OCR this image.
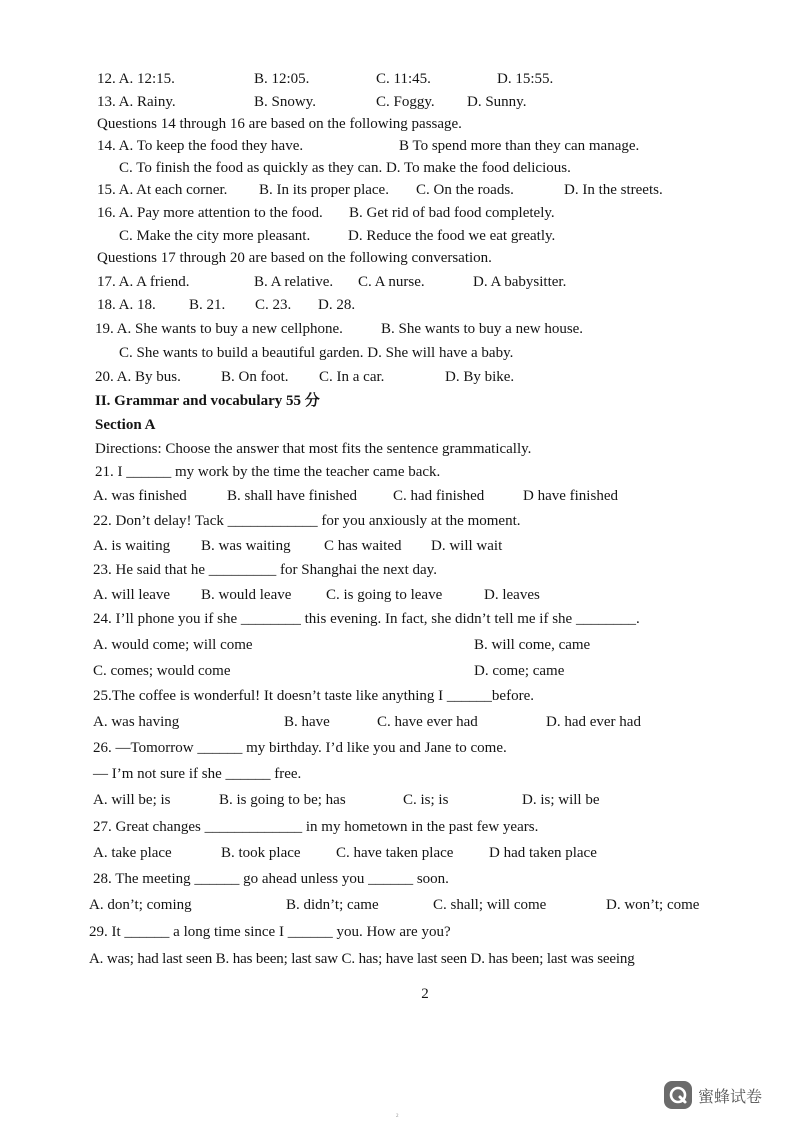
12. A. 12:15.	B. 12:05.	C. 11:45.	D. 15:55.
13. A. Rainy.	B. Snowy.	C. Foggy. D. Sunny.
Questions 14 through 16 are based on the following passage.
14. A. To keep the food they have.	B To spend more than they can manage.
C. To finish the food as quickly as they can. D. To make the food delicious.
15. A. At each corner. B. In its proper place. C. On the roads.	D. In the streets.
16. A. Pay more attention to the food. B. Get rid of bad food completely.
C. Make the city more pleasant.	D. Reduce the food we eat greatly.
Questions 17 through 20 are based on the following conversation.
17. A. A friend.	B. A relative. C. A nurse.	D. A babysitter.
18. A. 18. B. 21. C. 23. D. 28.
19. A. She wants to buy a new cellphone.	B. She wants to buy a new house.
C. She wants to build a beautiful garden. D. She will have a baby.
20. A. By bus.	B. On foot. C. In a car.	D. By bike.
II. Grammar and vocabulary 55 分
Section A
Directions: Choose the answer that most fits the sentence grammatically.
21. I ______ my work by the time the teacher came back.
A. was finished	B. shall have finished C. had finished	D have finished
22. Don’t delay! Tack ____________ for you anxiously at the moment.
A. is waiting B. was waiting C has waited D. will wait
23. He said that he _________ for Shanghai the next day.
A. will leave B. would leave C. is going to leave	D. leaves
24. I’ll phone you if she ________ this evening. In fact, she didn’t tell me if she ________.
A. would come; will come	B. will come, came
C. comes; would come	D. come; came
25.The coffee is wonderful! It doesn’t taste like anything I ______before.
A. was having	B. have	C. have ever had	D. had ever had
26. —Tomorrow ______ my birthday. I’d like you and Jane to come.
— I’m not sure if she ______ free.
A. will be; is	B. is going to be; has	C. is; is	D. is; will be
27. Great changes _____________ in my hometown in the past few years.
A. take place	B. took place C. have taken place D had taken place
28. The meeting ______ go ahead unless you ______ soon.
A. don’t; coming	B. didn’t; came	C. shall; will come	D. won’t; come
29. It ______ a long time since I ______ you. How are you?
A. was; had last seen B. has been; last saw C. has; have last seen D. has been; last was seeing
2
蜜蜂试卷
2
